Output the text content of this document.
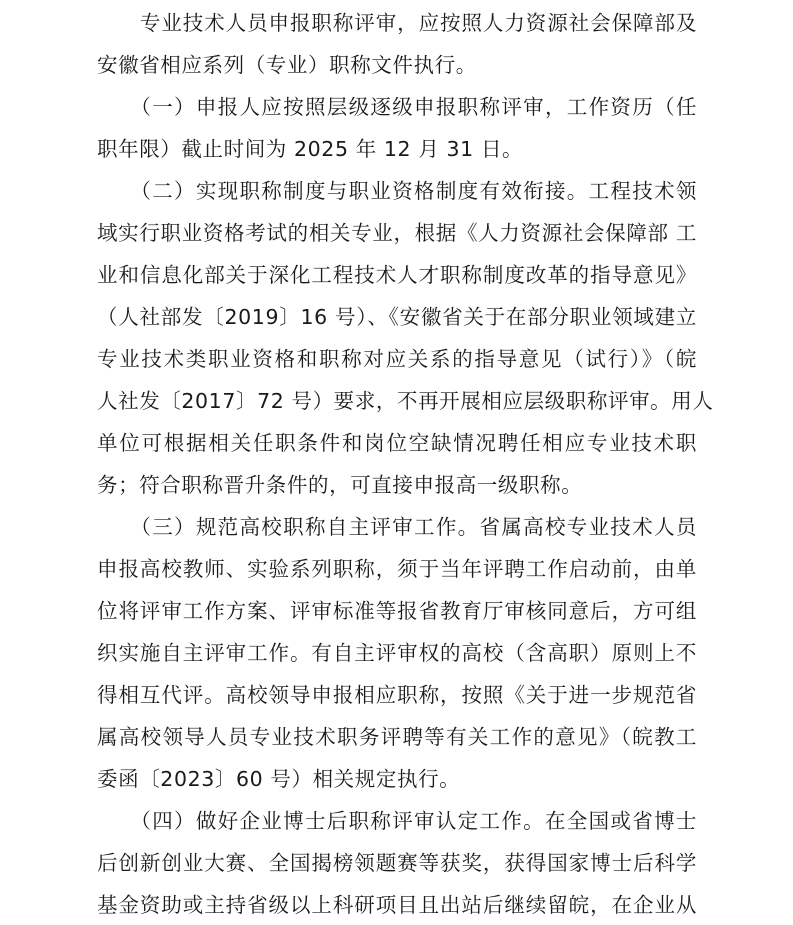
　　专业技术人员申报职称评审，应按照人力资源社会保障部及
安徽省相应系列（专业）职称文件执行。
　　（一）申报人应按照层级逐级申报职称评审，工作资历（任
职年限）截止时间为 2025 年 12 月 31 日。
　　（二）实现职称制度与职业资格制度有效衔接。工程技术领
域实行职业资格考试的相关专业，根据《人力资源社会保障部 工
业和信息化部关于深化工程技术人才职称制度改革的指导意见》
（人社部发〔2019〕16 号）、《安徽省关于在部分职业领域建立
专业技术类职业资格和职称对应关系的指导意见（试行）》（皖
人社发〔2017〕72 号）要求，不再开展相应层级职称评审。用人
单位可根据相关任职条件和岗位空缺情况聘任相应专业技术职
务；符合职称晋升条件的，可直接申报高一级职称。
　　（三）规范高校职称自主评审工作。省属高校专业技术人员
申报高校教师、实验系列职称，须于当年评聘工作启动前，由单
位将评审工作方案、评审标准等报省教育厅审核同意后，方可组
织实施自主评审工作。有自主评审权的高校（含高职）原则上不
得相互代评。高校领导申报相应职称，按照《关于进一步规范省
属高校领导人员专业技术职务评聘等有关工作的意见》（皖教工
委函〔2023〕60 号）相关规定执行。
　　（四）做好企业博士后职称评审认定工作。在全国或省博士
后创新创业大赛、全国揭榜领题赛等获奖，获得国家博士后科学
基金资助或主持省级以上科研项目且出站后继续留皖，在企业从
